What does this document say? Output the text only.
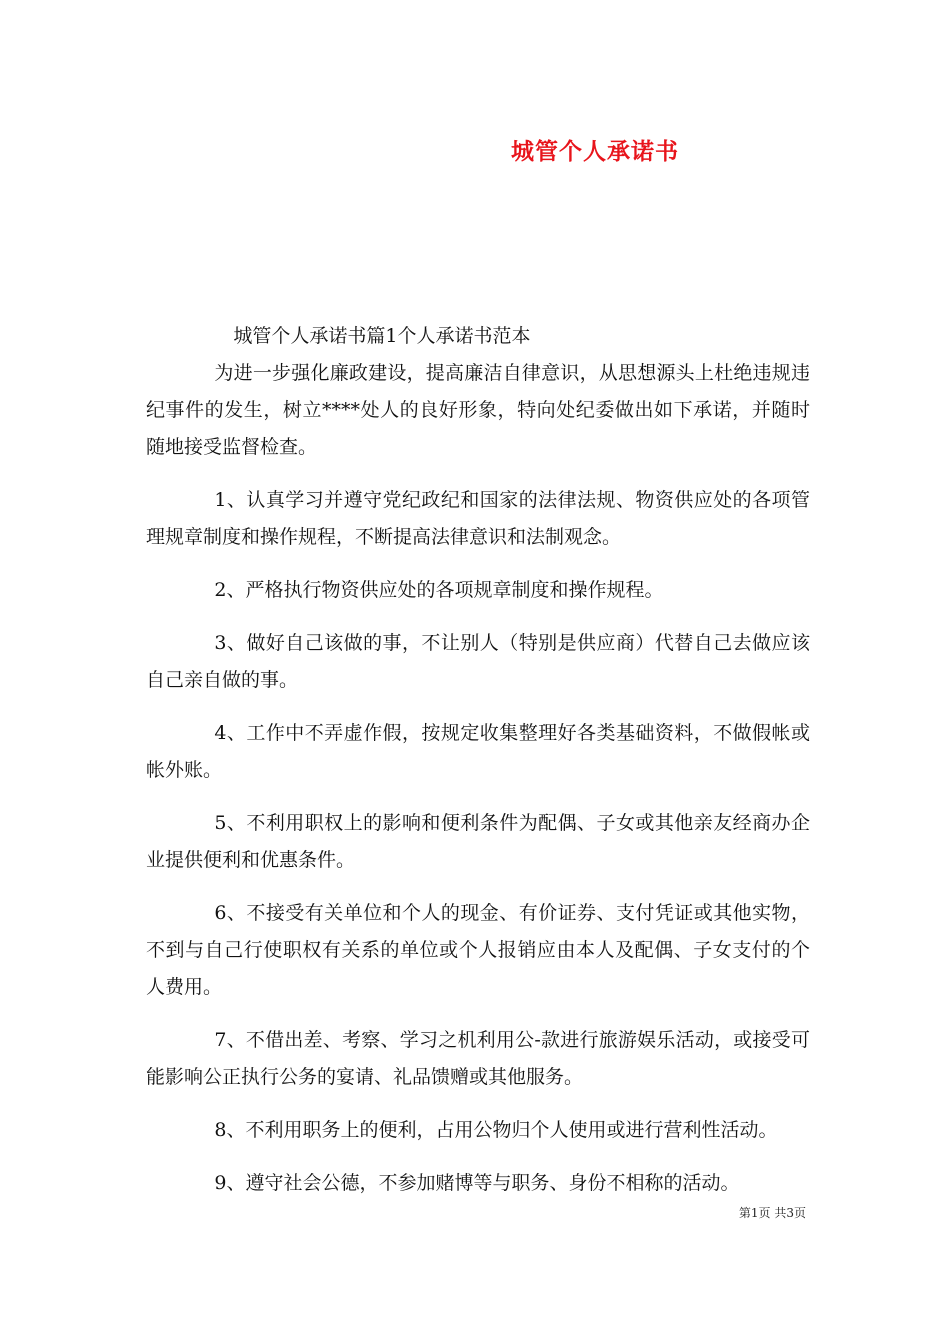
城管个人承诺书

城管个人承诺书篇1个人承诺书范本

为进一步强化廉政建设，提高廉洁自律意识，从思想源头上杜绝违规违纪事件的发生，树立****处人的良好形象，特向处纪委做出如下承诺，并随时随地接受监督检查。

1、认真学习并遵守党纪政纪和国家的法律法规、物资供应处的各项管理规章制度和操作规程，不断提高法律意识和法制观念。

2、严格执行物资供应处的各项规章制度和操作规程。

3、做好自己该做的事，不让别人（特别是供应商）代替自己去做应该自己亲自做的事。

4、工作中不弄虚作假，按规定收集整理好各类基础资料，不做假帐或帐外账。

5、不利用职权上的影响和便利条件为配偶、子女或其他亲友经商办企业提供便利和优惠条件。

6、不接受有关单位和个人的现金、有价证券、支付凭证或其他实物，不到与自己行使职权有关系的单位或个人报销应由本人及配偶、子女支付的个人费用。

7、不借出差、考察、学习之机利用公-款进行旅游娱乐活动，或接受可能影响公正执行公务的宴请、礼品馈赠或其他服务。

8、不利用职务上的便利，占用公物归个人使用或进行营利性活动。

9、遵守社会公德，不参加赌博等与职务、身份不相称的活动。

第1页 共3页
